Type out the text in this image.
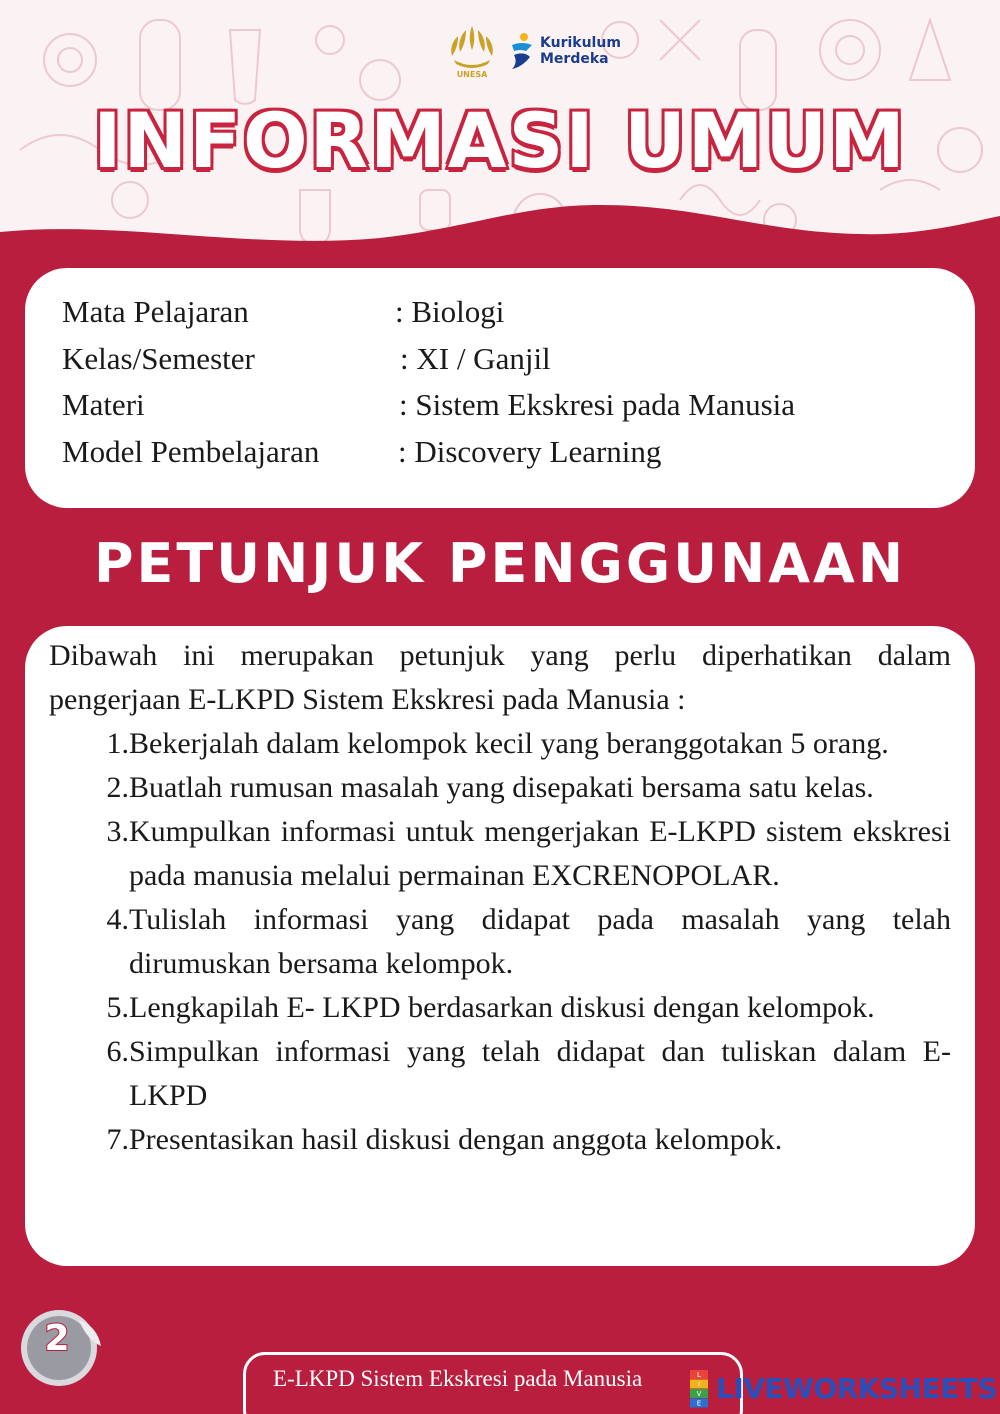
UNESA
Kurikulum
Merdeka
INFORMASI UMUM
Mata Pelajaran	: Biologi
Kelas/Semester	: XI / Ganjil
Materi	: Sistem Ekskresi pada Manusia
Model Pembelajaran	: Discovery Learning
PETUNJUK PENGGUNAAN

Dibawah ini merupakan petunjuk yang perlu diperhatikan dalam pengerjaan E-LKPD Sistem Ekskresi pada Manusia :

1. Bekerjalah dalam kelompok kecil yang beranggotakan 5 orang.
2. Buatlah rumusan masalah yang disepakati bersama satu kelas.
3. Kumpulkan informasi untuk mengerjakan E-LKPD sistem ekskresi pada manusia melalui permainan EXCRENOPOLAR.
4. Tulislah informasi yang didapat pada masalah yang telah dirumuskan bersama kelompok.
5. Lengkapilah E- LKPD berdasarkan diskusi dengan kelompok.
6. Simpulkan informasi yang telah didapat dan tuliskan dalam E-LKPD
7. Presentasikan hasil diskusi dengan anggota kelompok.
2
E-LKPD Sistem Ekskresi pada Manusia	L
I
V
E LIVEWORKSHEETS
